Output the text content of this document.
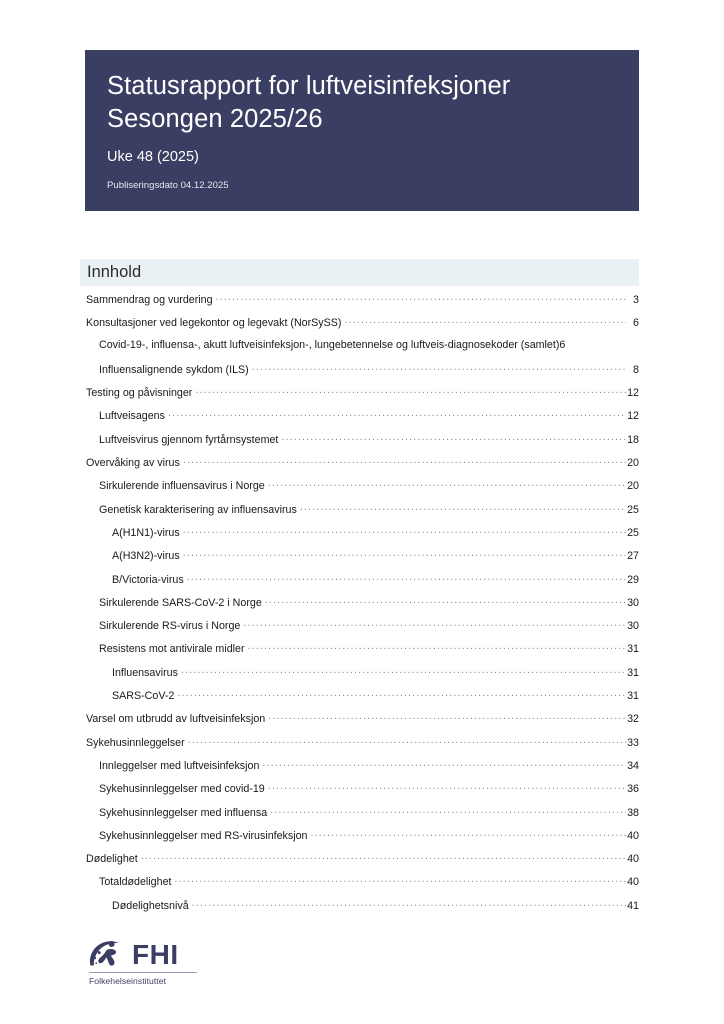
Statusrapport for luftveisinfeksjoner
Sesongen 2025/26
Uke 48 (2025)
Publiseringsdato 04.12.2025
Innhold
Sammendrag og vurdering .....	3
Konsultasjoner ved legekontor og legevakt (NorSySS) .....	6
Covid-19-, influensa-, akutt luftveisinfeksjon-, lungebetennelse og luftveis-diagnosekoder (samlet) 6
Influensalignende sykdom (ILS) .....	8
Testing og påvisninger .....	12
Luftveisagens .....	12
Luftveisvirus gjennom fyrtårnsystemet .....	18
Overvåking av virus .....	20
Sirkulerende influensavirus i Norge .....	20
Genetisk karakterisering av influensavirus .....	25
A(H1N1)-virus .....	25
A(H3N2)-virus .....	27
B/Victoria-virus .....	29
Sirkulerende SARS-CoV-2 i Norge .....	30
Sirkulerende RS-virus i Norge .....	30
Resistens mot antivirale midler .....	31
Influensavirus .....	31
SARS-CoV-2 .....	31
Varsel om utbrudd av luftveisinfeksjon .....	32
Sykehusinnleggelser .....	33
Innleggelser med luftveisinfeksjon .....	34
Sykehusinnleggelser med covid-19 .....	36
Sykehusinnleggelser med influensa .....	38
Sykehusinnleggelser med RS-virusinfeksjon .....	40
Dødelighet .....	40
Totaldødelighet .....	40
Dødelighetsnivå .....	41
FHI
Folkehelseinstituttet
